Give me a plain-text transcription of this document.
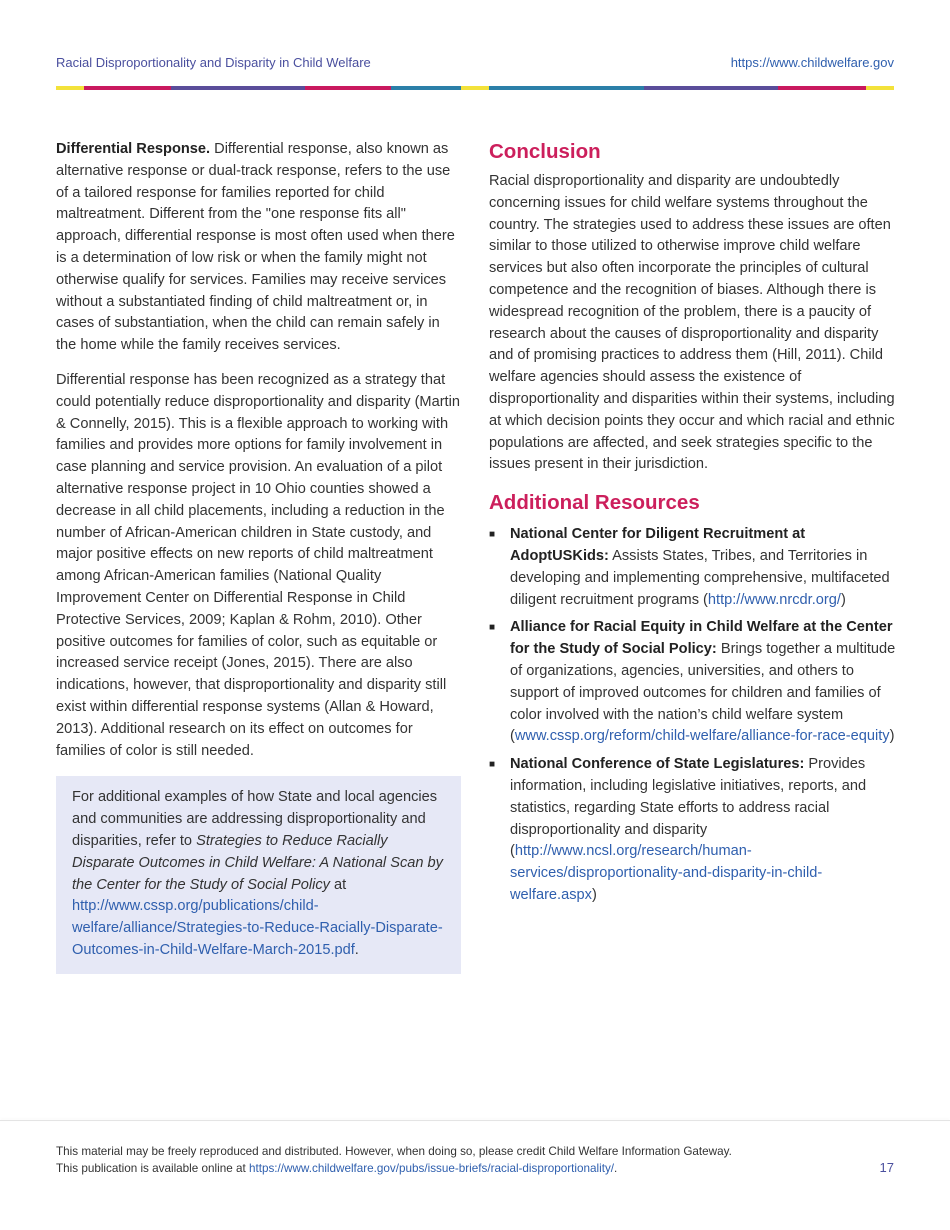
Racial Disproportionality and Disparity in Child Welfare	https://www.childwelfare.gov

Differential Response. Differential response, also known as alternative response or dual-track response, refers to the use of a tailored response for families reported for child maltreatment. Different from the "one response fits all" approach, differential response is most often used when there is a determination of low risk or when the family might not otherwise qualify for services. Families may receive services without a substantiated finding of child maltreatment or, in cases of substantiation, when the child can remain safely in the home while the family receives services.

Differential response has been recognized as a strategy that could potentially reduce disproportionality and disparity (Martin & Connelly, 2015). This is a flexible approach to working with families and provides more options for family involvement in case planning and service provision. An evaluation of a pilot alternative response project in 10 Ohio counties showed a decrease in all child placements, including a reduction in the number of African-American children in State custody, and major positive effects on new reports of child maltreatment among African-American families (National Quality Improvement Center on Differential Response in Child Protective Services, 2009; Kaplan & Rohm, 2010). Other positive outcomes for families of color, such as equitable or increased service receipt (Jones, 2015). There are also indications, however, that disproportionality and disparity still exist within differential response systems (Allan & Howard, 2013). Additional research on its effect on outcomes for families of color is still needed.

For additional examples of how State and local agencies and communities are addressing disproportionality and disparities, refer to Strategies to Reduce Racially Disparate Outcomes in Child Welfare: A National Scan by the Center for the Study of Social Policy at http://www.cssp.org/publications/child-welfare/alliance/Strategies-to-Reduce-Racially-Disparate-Outcomes-in-Child-Welfare-March-2015.pdf.
Conclusion

Racial disproportionality and disparity are undoubtedly concerning issues for child welfare systems throughout the country. The strategies used to address these issues are often similar to those utilized to otherwise improve child welfare services but also often incorporate the principles of cultural competence and the recognition of biases. Although there is widespread recognition of the problem, there is a paucity of research about the causes of disproportionality and disparity and of promising practices to address them (Hill, 2011). Child welfare agencies should assess the existence of disproportionality and disparities within their systems, including at which decision points they occur and which racial and ethnic populations are affected, and seek strategies specific to the issues present in their jurisdiction.

Additional Resources
■ National Center for Diligent Recruitment at AdoptUSKids: Assists States, Tribes, and Territories in developing and implementing comprehensive, multifaceted diligent recruitment programs (http://www.nrcdr.org/)
■ Alliance for Racial Equity in Child Welfare at the Center for the Study of Social Policy: Brings together a multitude of organizations, agencies, universities, and others to support of improved outcomes for children and families of color involved with the nation’s child welfare system (www.cssp.org/reform/child-welfare/alliance-for-race-equity)
■ National Conference of State Legislatures: Provides information, including legislative initiatives, reports, and statistics, regarding State efforts to address racial disproportionality and disparity (http://www.ncsl.org/research/human-services/disproportionality-and-disparity-in-child-welfare.aspx)
This material may be freely reproduced and distributed. However, when doing so, please credit Child Welfare Information Gateway.
This publication is available online at https://www.childwelfare.gov/pubs/issue-briefs/racial-disproportionality/.	17
